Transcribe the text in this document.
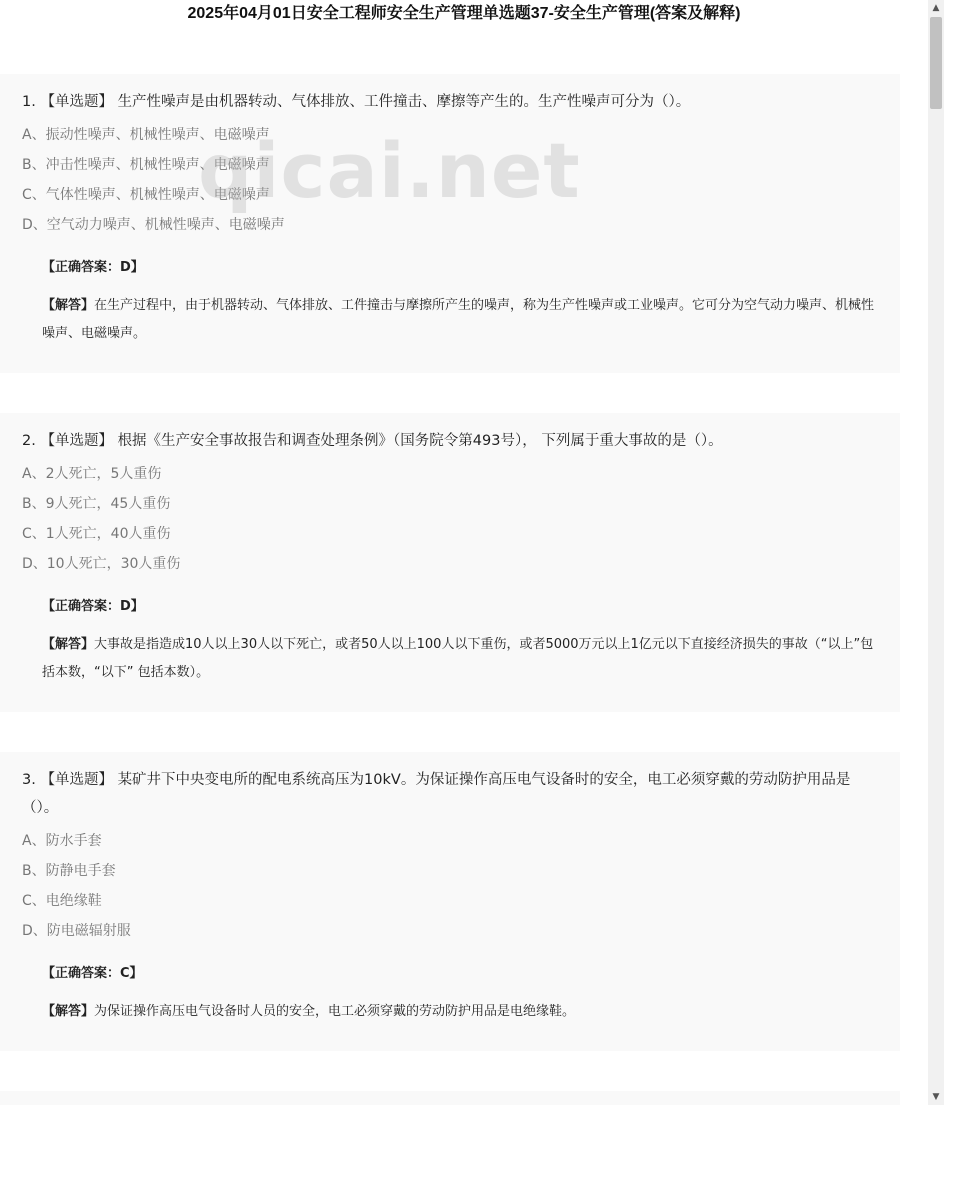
2025年04月01日安全工程师安全生产管理单选题37-安全生产管理(答案及解释)
1. 【单选题】 生产性噪声是由机器转动、气体排放、工件撞击、摩擦等产生的。生产性噪声可分为（）。
A、振动性噪声、机械性噪声、电磁噪声
B、冲击性噪声、机械性噪声、电磁噪声
C、气体性噪声、机械性噪声、电磁噪声
D、空气动力噪声、机械性噪声、电磁噪声
【正确答案：D】
【解答】在生产过程中，由于机器转动、气体排放、工件撞击与摩擦所产生的噪声，称为生产性噪声或工业噪声。它可分为空气动力噪声、机械性噪声、电磁噪声。
2. 【单选题】 根据《生产安全事故报告和调查处理条例》（国务院令第493号）， 下列属于重大事故的是（）。
A、2人死亡，5人重伤
B、9人死亡，45人重伤
C、1人死亡，40人重伤
D、10人死亡，30人重伤
【正确答案：D】
【解答】大事故是指造成10人以上30人以下死亡，或者50人以上100人以下重伤，或者5000万元以上1亿元以下直接经济损失的事故（“以上”包括本数，“以下” 包括本数）。
3. 【单选题】 某矿井下中央变电所的配电系统高压为10kV。为保证操作高压电气设备时的安全，电工必须穿戴的劳动防护用品是（）。
A、防水手套
B、防静电手套
C、电绝缘鞋
D、防电磁辐射服
【正确答案：C】
【解答】为保证操作高压电气设备时人员的安全，电工必须穿戴的劳动防护用品是电绝缘鞋。
qicai.net
▲
▼
